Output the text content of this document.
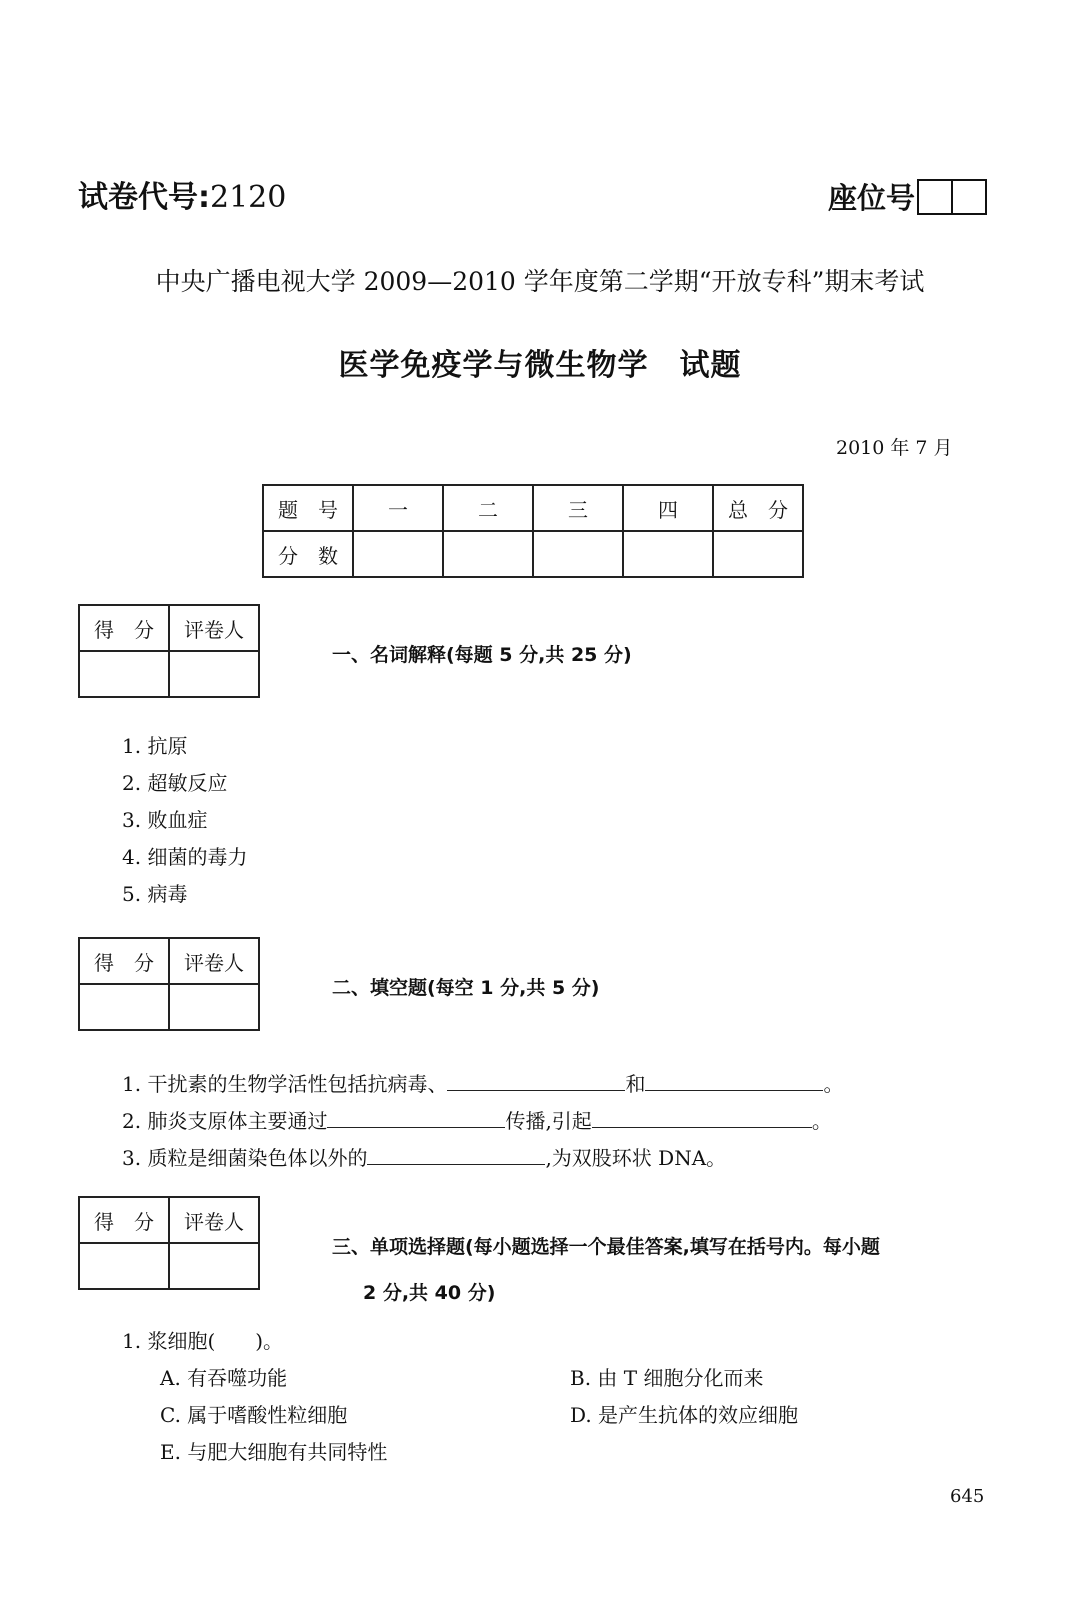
试卷代号:2120	座位号
中央广播电视大学 2009—2010 学年度第二学期“开放专科”期末考试
医学免疫学与微生物学　试题
2010 年 7 月
题　号	一	二	三	四	总　分
分　数					
得　分	评卷人

一、名词解释(每题 5 分,共 25 分)
1. 抗原
2. 超敏反应
3. 败血症
4. 细菌的毒力
5. 病毒
得　分	评卷人

二、填空题(每空 1 分,共 5 分)
1. 干扰素的生物学活性包括抗病毒、	和	。
2. 肺炎支原体主要通过	传播,引起	。
3. 质粒是细菌染色体以外的	,为双股环状 DNA。
得　分	评卷人

三、单项选择题(每小题选择一个最佳答案,填写在括号内。每小题
2 分,共 40 分)
1. 浆细胞(　　)。
A. 有吞噬功能	B. 由 T 细胞分化而来
C. 属于嗜酸性粒细胞	D. 是产生抗体的效应细胞
E. 与肥大细胞有共同特性
645
